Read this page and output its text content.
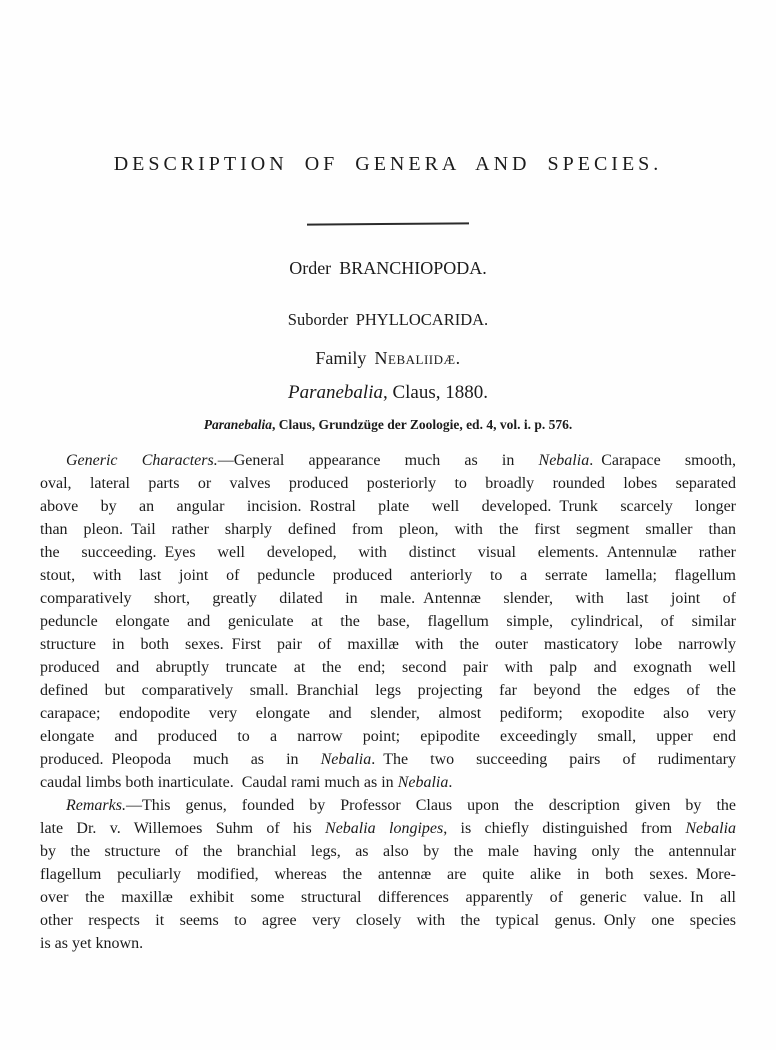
DESCRIPTION OF GENERA AND SPECIES.
Order BRANCHIOPODA.
Suborder PHYLLOCARIDA.
Family Nebaliidæ.
Paranebalia, Claus, 1880.
Paranebalia, Claus, Grundzüge der Zoologie, ed. 4, vol. i. p. 576.
Generic Characters.—General appearance much as in Nebalia. Carapace smooth,
oval, lateral parts or valves produced posteriorly to broadly rounded lobes separated
above by an angular incision. Rostral plate well developed. Trunk scarcely longer
than pleon. Tail rather sharply defined from pleon, with the first segment smaller than
the succeeding. Eyes well developed, with distinct visual elements. Antennulæ rather
stout, with last joint of peduncle produced anteriorly to a serrate lamella; flagellum
comparatively short, greatly dilated in male. Antennæ slender, with last joint of
peduncle elongate and geniculate at the base, flagellum simple, cylindrical, of similar
structure in both sexes. First pair of maxillæ with the outer masticatory lobe narrowly
produced and abruptly truncate at the end; second pair with palp and exognath well
defined but comparatively small. Branchial legs projecting far beyond the edges of the
carapace; endopodite very elongate and slender, almost pediform; exopodite also very
elongate and produced to a narrow point; epipodite exceedingly small, upper end
produced. Pleopoda much as in Nebalia. The two succeeding pairs of rudimentary
caudal limbs both inarticulate. Caudal rami much as in Nebalia.
Remarks.—This genus, founded by Professor Claus upon the description given by the
late Dr. v. Willemoes Suhm of his Nebalia longipes, is chiefly distinguished from Nebalia
by the structure of the branchial legs, as also by the male having only the antennular
flagellum peculiarly modified, whereas the antennæ are quite alike in both sexes. More-
over the maxillæ exhibit some structural differences apparently of generic value. In all
other respects it seems to agree very closely with the typical genus. Only one species
is as yet known.
